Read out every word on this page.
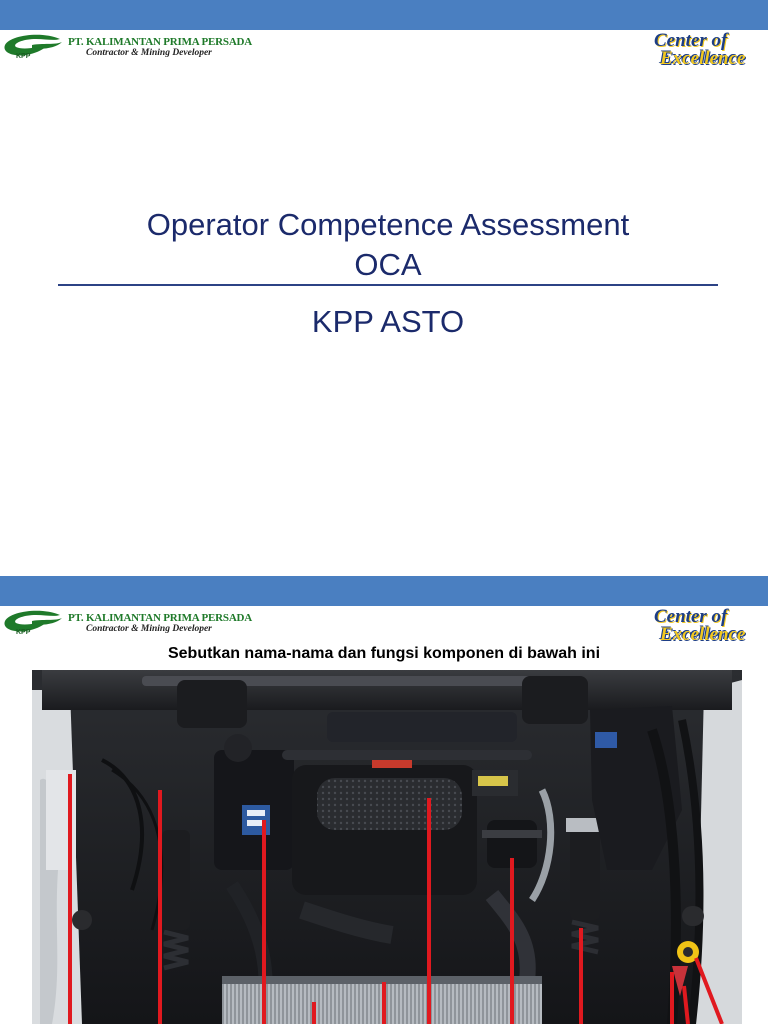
KPP
PT. KALIMANTAN PRIMA PERSADA
Contractor & Mining Developer
Center of
Excellence
Operator Competence Assessment
OCA
KPP ASTO
KPP
PT. KALIMANTAN PRIMA PERSADA
Contractor & Mining Developer
Center of
Excellence
Sebutkan nama-nama dan fungsi komponen di bawah ini
